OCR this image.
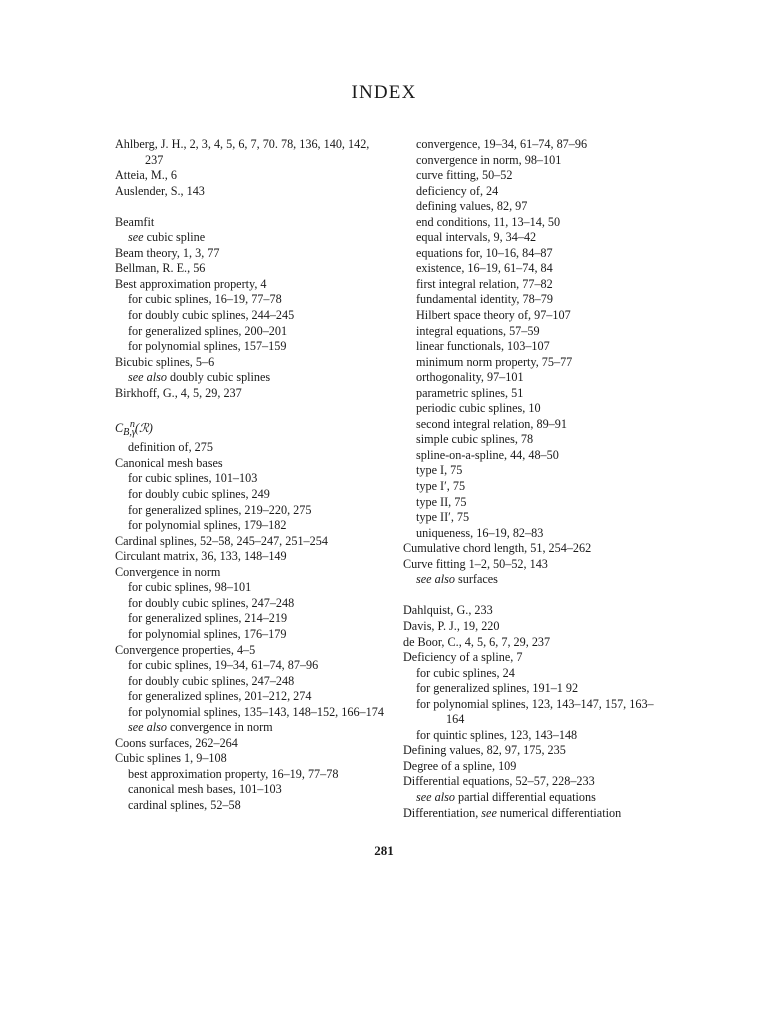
INDEX
Ahlberg, J. H., 2, 3, 4, 5, 6, 7, 70. 78, 136, 140, 142, 237
Atteia, M., 6
Auslender, S., 143
Beamfit
see cubic spline
Beam theory, 1, 3, 77
Bellman, R. E., 56
Best approximation property, 4
for cubic splines, 16–19, 77–78
for doubly cubic splines, 244–245
for generalized splines, 200–201
for polynomial splines, 157–159
Bicubic splines, 5–6
see also doubly cubic splines
Birkhoff, G., 4, 5, 29, 237
$C_{B,\gamma}^n(ℛ)$
definition of, 275
Canonical mesh bases
for cubic splines, 101–103
for doubly cubic splines, 249
for generalized splines, 219–220, 275
for polynomial splines, 179–182
Cardinal splines, 52–58, 245–247, 251–254
Circulant matrix, 36, 133, 148–149
Convergence in norm
for cubic splines, 98–101
for doubly cubic splines, 247–248
for generalized splines, 214–219
for polynomial splines, 176–179
Convergence properties, 4–5
for cubic splines, 19–34, 61–74, 87–96
for doubly cubic splines, 247–248
for generalized splines, 201–212, 274
for polynomial splines, 135–143, 148–152, 166–174
see also convergence in norm
Coons surfaces, 262–264
Cubic splines 1, 9–108
best approximation property, 16–19, 77–78
canonical mesh bases, 101–103
cardinal splines, 52–58
convergence, 19–34, 61–74, 87–96
convergence in norm, 98–101
curve fitting, 50–52
deficiency of, 24
defining values, 82, 97
end conditions, 11, 13–14, 50
equal intervals, 9, 34–42
equations for, 10–16, 84–87
existence, 16–19, 61–74, 84
first integral relation, 77–82
fundamental identity, 78–79
Hilbert space theory of, 97–107
integral equations, 57–59
linear functionals, 103–107
minimum norm property, 75–77
orthogonality, 97–101
parametric splines, 51
periodic cubic splines, 10
second integral relation, 89–91
simple cubic splines, 78
spline-on-a-spline, 44, 48–50
type I, 75
type I′, 75
type II, 75
type II′, 75
uniqueness, 16–19, 82–83
Cumulative chord length, 51, 254–262
Curve fitting 1–2, 50–52, 143
see also surfaces
Dahlquist, G., 233
Davis, P. J., 19, 220
de Boor, C., 4, 5, 6, 7, 29, 237
Deficiency of a spline, 7
for cubic splines, 24
for generalized splines, 191–1 92
for polynomial splines, 123, 143–147, 157, 163–164
for quintic splines, 123, 143–148
Defining values, 82, 97, 175, 235
Degree of a spline, 109
Differential equations, 52–57, 228–233
see also partial differential equations
Differentiation, see numerical differentiation
281
